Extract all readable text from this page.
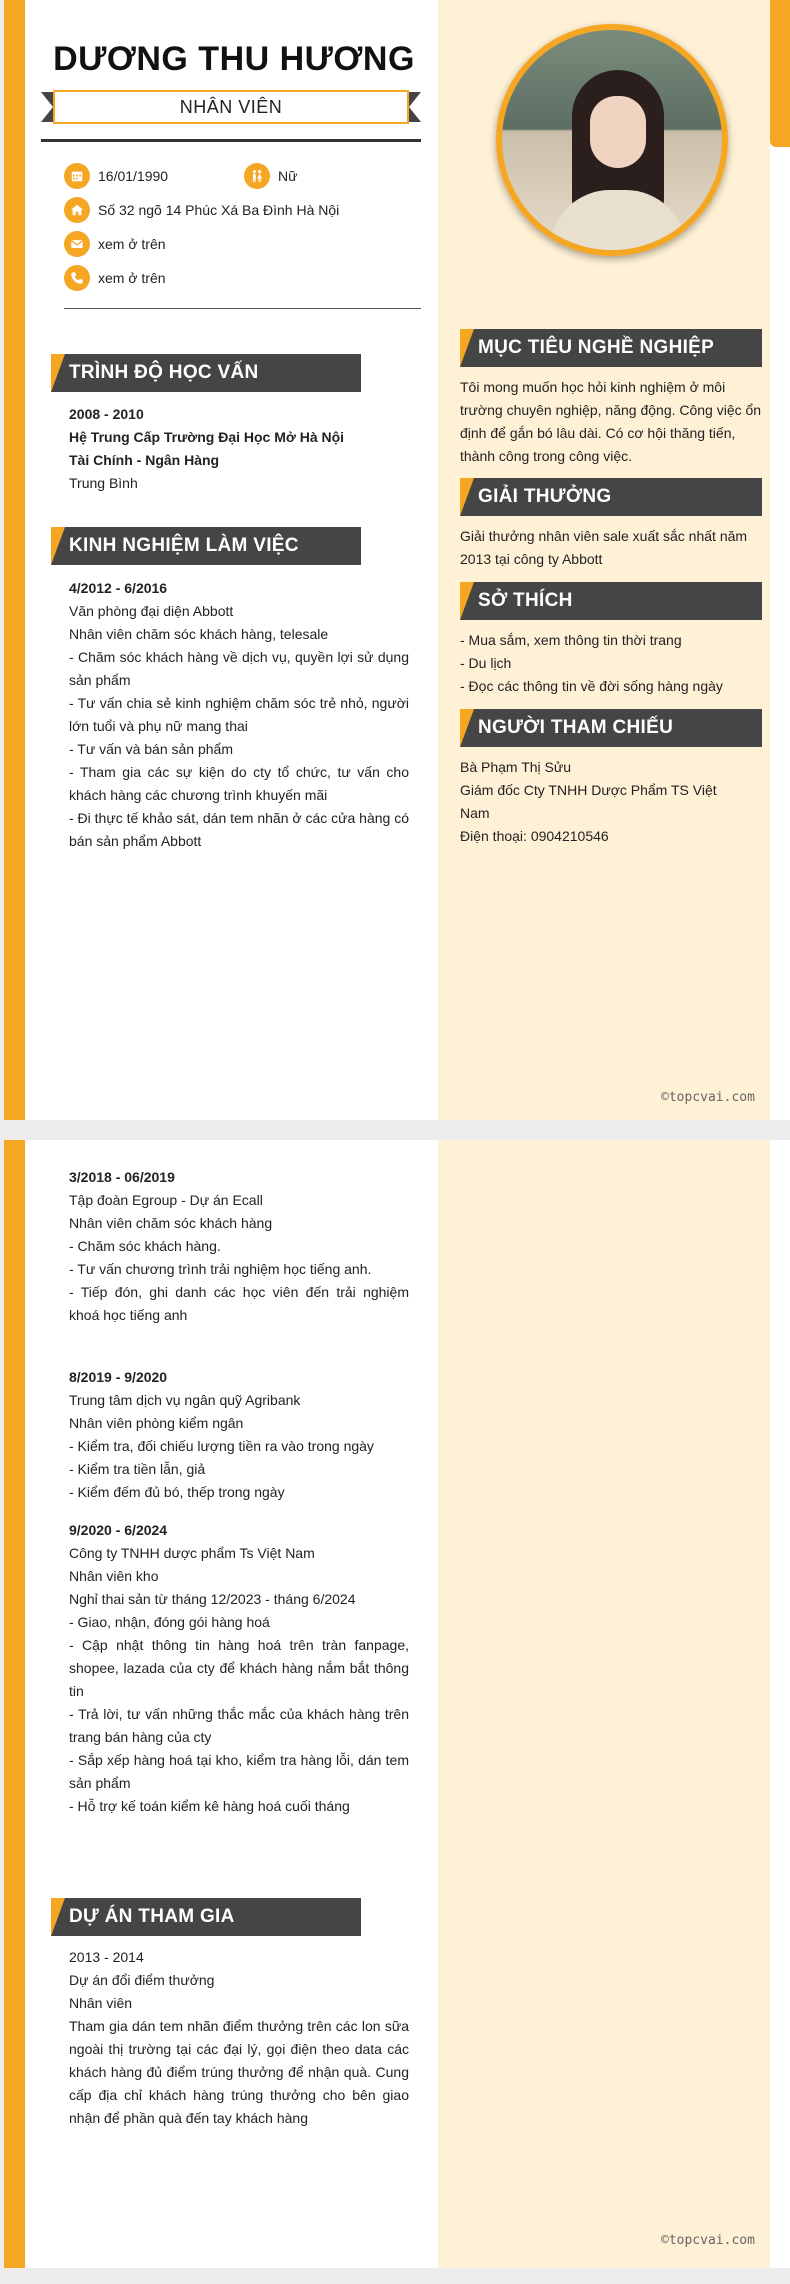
DƯƠNG THU HƯƠNG
NHÂN VIÊN
16/01/1990	Nữ
Số 32 ngõ 14 Phúc Xá Ba Đình Hà Nội
xem ở trên
xem ở trên
TRÌNH ĐỘ HỌC VẤN

2008 - 2010

Hệ Trung Cấp Trường Đại Học Mở Hà Nội

Tài Chính - Ngân Hàng

Trung Bình

KINH NGHIỆM LÀM VIỆC

4/2012 - 6/2016

Văn phòng đại diện Abbott

Nhân viên chăm sóc khách hàng, telesale

- Chăm sóc khách hàng về dịch vụ, quyền lợi sử dụng sản phẩm

- Tư vấn chia sẻ kinh nghiệm chăm sóc trẻ nhỏ, người lớn tuổi và phụ nữ mang thai

- Tư vấn và bán sản phẩm

- Tham gia các sự kiện do cty tổ chức, tư vấn cho khách hàng các chương trình khuyến mãi

- Đi thực tế khảo sát, dán tem nhãn ở các cửa hàng có bán sản phẩm Abbott

MỤC TIÊU NGHỀ NGHIỆP
Tôi mong muốn học hỏi kinh nghiệm ở môi trường chuyên nghiệp, năng động. Công việc ổn định để gắn bó lâu dài. Có cơ hội thăng tiến, thành công trong công việc.
GIẢI THƯỞNG
Giải thưởng nhân viên sale xuất sắc nhất năm 2013 tại công ty Abbott
SỞ THÍCH

- Mua sắm, xem thông tin thời trang

- Du lịch

- Đọc các thông tin về đời sống hàng ngày

NGƯỜI THAM CHIẾU

Bà Phạm Thị Sửu

Giám đốc Cty TNHH Dược Phẩm TS Việt Nam

Điện thoại: 0904210546

©topcvai.com

3/2018 - 06/2019

Tập đoàn Egroup - Dự án Ecall

Nhân viên chăm sóc khách hàng

- Chăm sóc khách hàng.

- Tư vấn chương trình trải nghiệm học tiếng anh.

- Tiếp đón, ghi danh các học viên đến trải nghiệm khoá học tiếng anh

8/2019 - 9/2020

Trung tâm dịch vụ ngân quỹ Agribank

Nhân viên phòng kiểm ngân

- Kiểm tra, đối chiếu lượng tiền ra vào trong ngày

- Kiểm tra tiền lẫn, giả

- Kiểm đếm đủ bó, thếp trong ngày

9/2020 - 6/2024

Công ty TNHH dược phẩm Ts Việt Nam

Nhân viên kho

Nghỉ thai sản từ tháng 12/2023 - tháng 6/2024

- Giao, nhận, đóng gói hàng hoá

- Cập nhật thông tin hàng hoá trên tràn fanpage, shopee, lazada của cty để khách hàng nắm bắt thông tin

- Trả lời, tư vấn những thắc mắc của khách hàng trên trang bán hàng của cty

- Sắp xếp hàng hoá tại kho, kiểm tra hàng lỗi, dán tem sản phẩm

- Hỗ trợ kế toán kiểm kê hàng hoá cuối tháng

DỰ ÁN THAM GIA

2013 - 2014

Dự án đổi điểm thưởng

Nhân viên

Tham gia dán tem nhãn điểm thưởng trên các lon sữa ngoài thị trường tại các đại lý, gọi điện theo data các khách hàng đủ điểm trúng thưởng để nhận quà. Cung cấp địa chỉ khách hàng trúng thưởng cho bên giao nhận để phần quà đến tay khách hàng

©topcvai.com
